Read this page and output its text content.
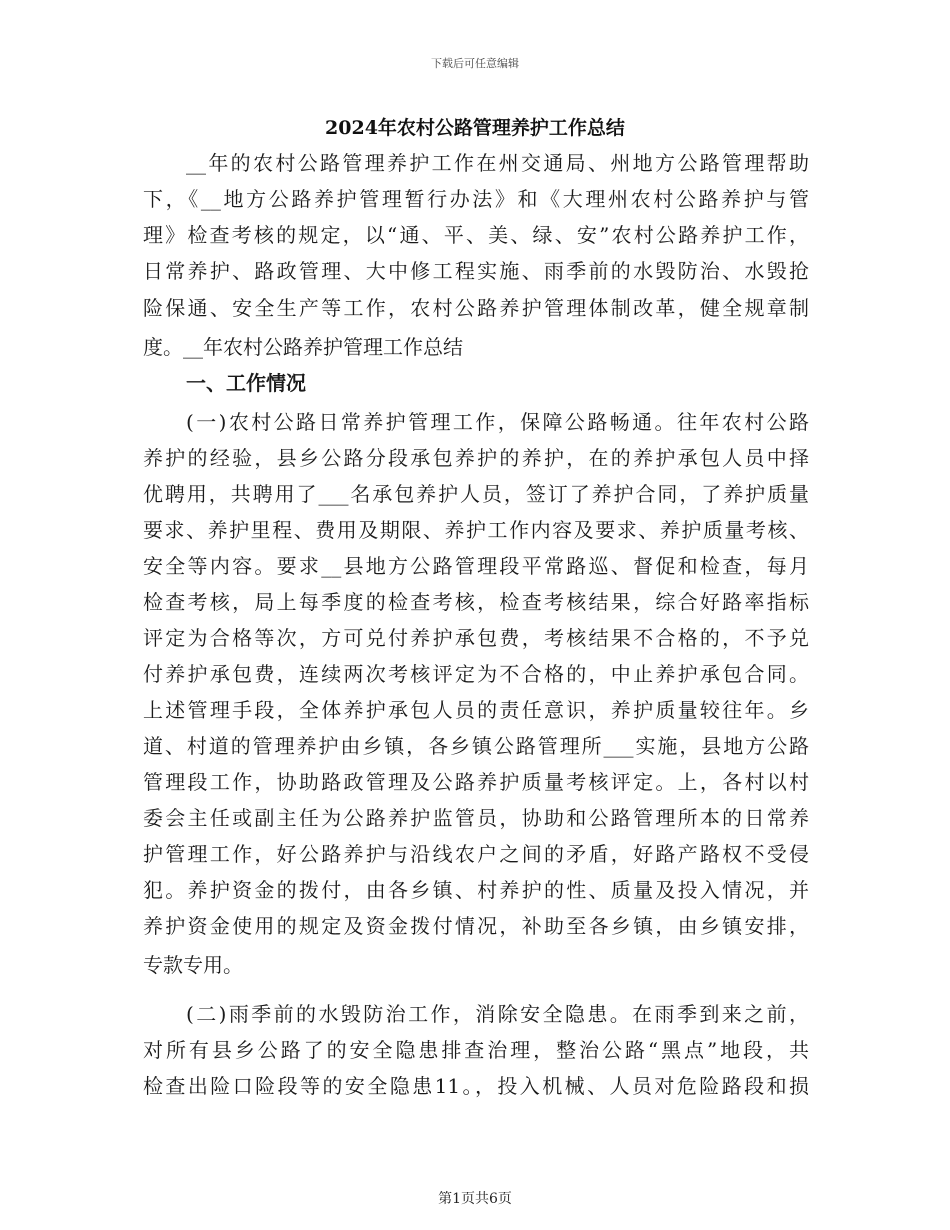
下载后可任意编辑
2024年农村公路管理养护工作总结
__年的农村公路管理养护工作在州交通局、州地方公路管理帮助
下，《__地方公路养护管理暂行办法》和《大理州农村公路养护与管
理》检查考核的规定，以“通、平、美、绿、安”农村公路养护工作，
日常养护、路政管理、大中修工程实施、雨季前的水毁防治、水毁抢
险保通、安全生产等工作，农村公路养护管理体制改革，健全规章制
度。__年农村公路养护管理工作总结
一、工作情况
(一)农村公路日常养护管理工作，保障公路畅通。往年农村公路
养护的经验，县乡公路分段承包养护的养护，在的养护承包人员中择
优聘用，共聘用了___名承包养护人员，签订了养护合同，了养护质量
要求、养护里程、费用及期限、养护工作内容及要求、养护质量考核、
安全等内容。要求__县地方公路管理段平常路巡、督促和检查，每月
检查考核，局上每季度的检查考核，检查考核结果，综合好路率指标
评定为合格等次，方可兑付养护承包费，考核结果不合格的，不予兑
付养护承包费，连续两次考核评定为不合格的，中止养护承包合同。
上述管理手段，全体养护承包人员的责任意识，养护质量较往年。乡
道、村道的管理养护由乡镇，各乡镇公路管理所___实施，县地方公路
管理段工作，协助路政管理及公路养护质量考核评定。上，各村以村
委会主任或副主任为公路养护监管员，协助和公路管理所本的日常养
护管理工作，好公路养护与沿线农户之间的矛盾，好路产路权不受侵
犯。养护资金的拨付，由各乡镇、村养护的性、质量及投入情况，并
养护资金使用的规定及资金拨付情况，补助至各乡镇，由乡镇安排，
专款专用。
(二)雨季前的水毁防治工作，消除安全隐患。在雨季到来之前，
对所有县乡公路了的安全隐患排查治理，整治公路“黑点”地段，共
检查出险口险段等的安全隐患11。，投入机械、人员对危险路段和损
第1页共6页
